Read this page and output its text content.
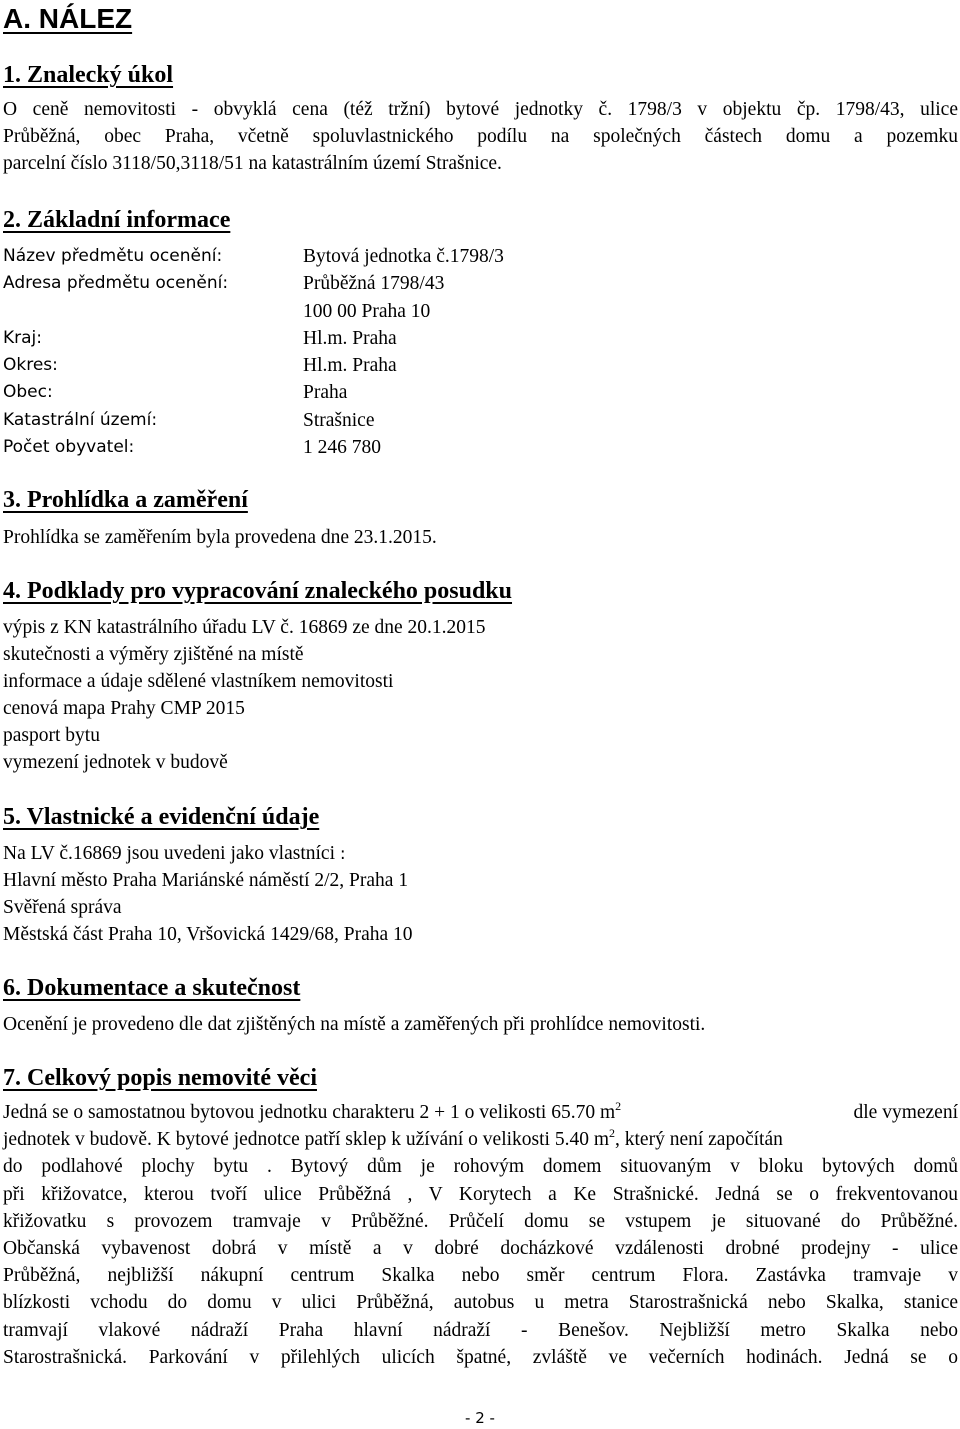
A. NÁLEZ
1. Znalecký úkol
O ceně nemovitosti - obvyklá cena (též tržní) bytové jednotky č. 1798/3 v objektu čp. 1798/43, ulice
Průběžná, obec Praha, včetně spoluvlastnického podílu na společných částech domu a pozemku
parcelní číslo 3118/50,3118/51 na katastrálním území Strašnice.
2. Základní informace
Název předmětu ocenění:	Bytová jednotka č.1798/3
Adresa předmětu ocenění:	Průběžná 1798/43
100 00 Praha 10
Kraj:	Hl.m. Praha
Okres:	Hl.m. Praha
Obec:	Praha
Katastrální území:	Strašnice
Počet obyvatel:	1 246 780
3. Prohlídka a zaměření
Prohlídka se zaměřením byla provedena dne 23.1.2015.
4. Podklady pro vypracování znaleckého posudku
výpis z KN katastrálního úřadu LV č. 16869 ze dne 20.1.2015
skutečnosti a výměry zjištěné na místě
informace a údaje sdělené vlastníkem nemovitosti
cenová mapa Prahy CMP 2015
pasport bytu
vymezení jednotek v budově
5. Vlastnické a evidenční údaje
Na LV č.16869 jsou uvedeni jako vlastníci :
Hlavní město Praha Mariánské náměstí 2/2, Praha 1
Svěřená správa
Městská část Praha 10, Vršovická 1429/68, Praha 10
6. Dokumentace a skutečnost
Ocenění je provedeno dle dat zjištěných na místě a zaměřených při prohlídce nemovitosti.
7. Celkový popis nemovité věci
Jedná se o samostatnou bytovou jednotku charakteru 2 + 1 o velikosti 65.70 $m^2$	dle vymezení
jednotek v budově. K bytové jednotce patří sklep k užívání o velikosti 5.40 $m^2$, který není započítán
do podlahové plochy bytu . Bytový dům je rohovým domem situovaným v bloku bytových domů
při křižovatce, kterou tvoří ulice Průběžná , V Korytech a Ke Strašnické. Jedná se o frekventovanou
křižovatku s provozem tramvaje v Průběžné. Průčelí domu se vstupem je situované do Průběžné.
Občanská vybavenost dobrá v místě a v dobré docházkové vzdálenosti drobné prodejny - ulice
Průběžná, nejbližší nákupní centrum Skalka nebo směr centrum Flora. Zastávka tramvaje v
blízkosti vchodu do domu v ulici Průběžná, autobus u metra Starostrašnická nebo Skalka, stanice
tramvají vlakové nádraží Praha hlavní nádraží - Benešov. Nejbližší metro Skalka nebo
Starostrašnická. Parkování v přilehlých ulicích špatné, zvláště ve večerních hodinách. Jedná se o
- 2 -
